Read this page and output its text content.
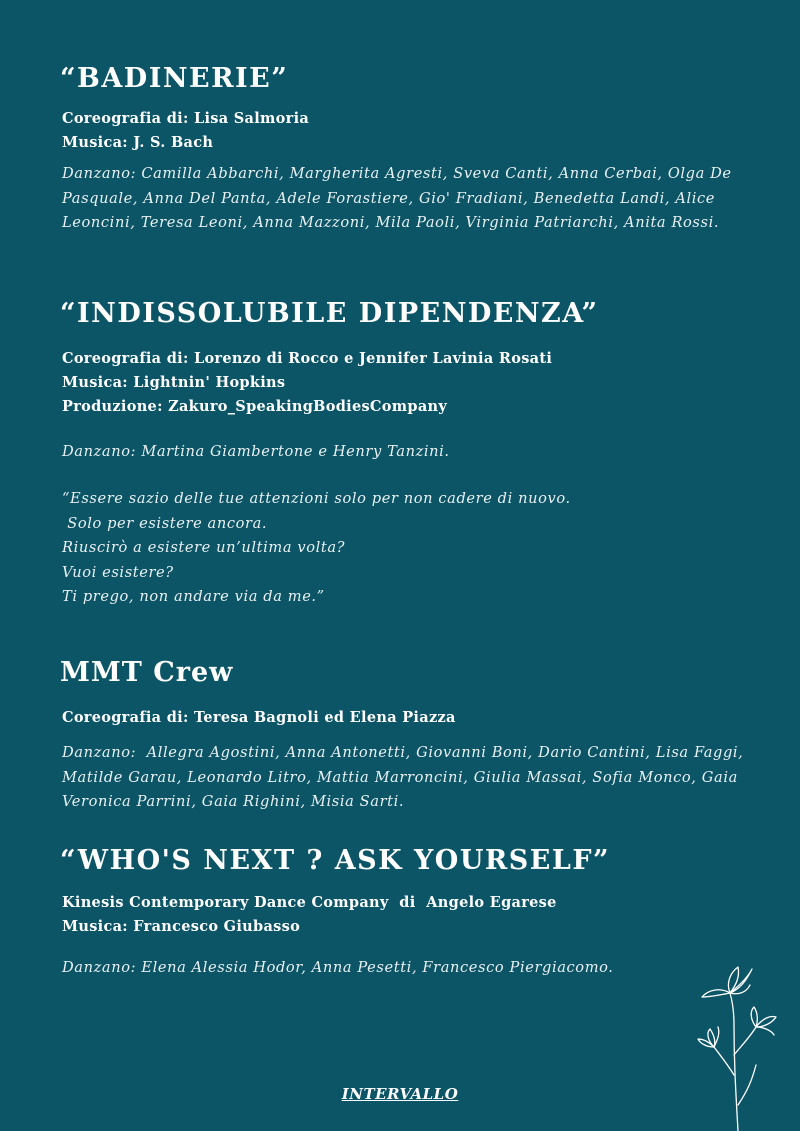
“BADINERIE”
Coreografia di: Lisa Salmoria
Musica: J. S. Bach
Danzano: Camilla Abbarchi, Margherita Agresti, Sveva Canti, Anna Cerbai, Olga De Pasquale, Anna Del Panta, Adele Forastiere, Gio' Fradiani, Benedetta Landi, Alice Leoncini, Teresa Leoni, Anna Mazzoni, Mila Paoli, Virginia Patriarchi, Anita Rossi.
“INDISSOLUBILE DIPENDENZA”
Coreografia di: Lorenzo di Rocco e Jennifer Lavinia Rosati
Musica: Lightnin' Hopkins
Produzione: Zakuro_SpeakingBodiesCompany
Danzano: Martina Giambertone e Henry Tanzini.
“Essere sazio delle tue attenzioni solo per non cadere di nuovo.
Solo per esistere ancora.
Riuscirò a esistere un’ultima volta?
Vuoi esistere?
Ti prego, non andare via da me.”
MMT Crew
Coreografia di: Teresa Bagnoli ed Elena Piazza
Danzano:  Allegra Agostini, Anna Antonetti, Giovanni Boni, Dario Cantini, Lisa Faggi, Matilde Garau, Leonardo Litro, Mattia Marroncini, Giulia Massai, Sofia Monco, Gaia Veronica Parrini, Gaia Righini, Misia Sarti.
“WHO'S NEXT ? ASK YOURSELF”
Kinesis Contemporary Dance Company  di  Angelo Egarese
Musica: Francesco Giubasso
Danzano: Elena Alessia Hodor, Anna Pesetti, Francesco Piergiacomo.
INTERVALLO
